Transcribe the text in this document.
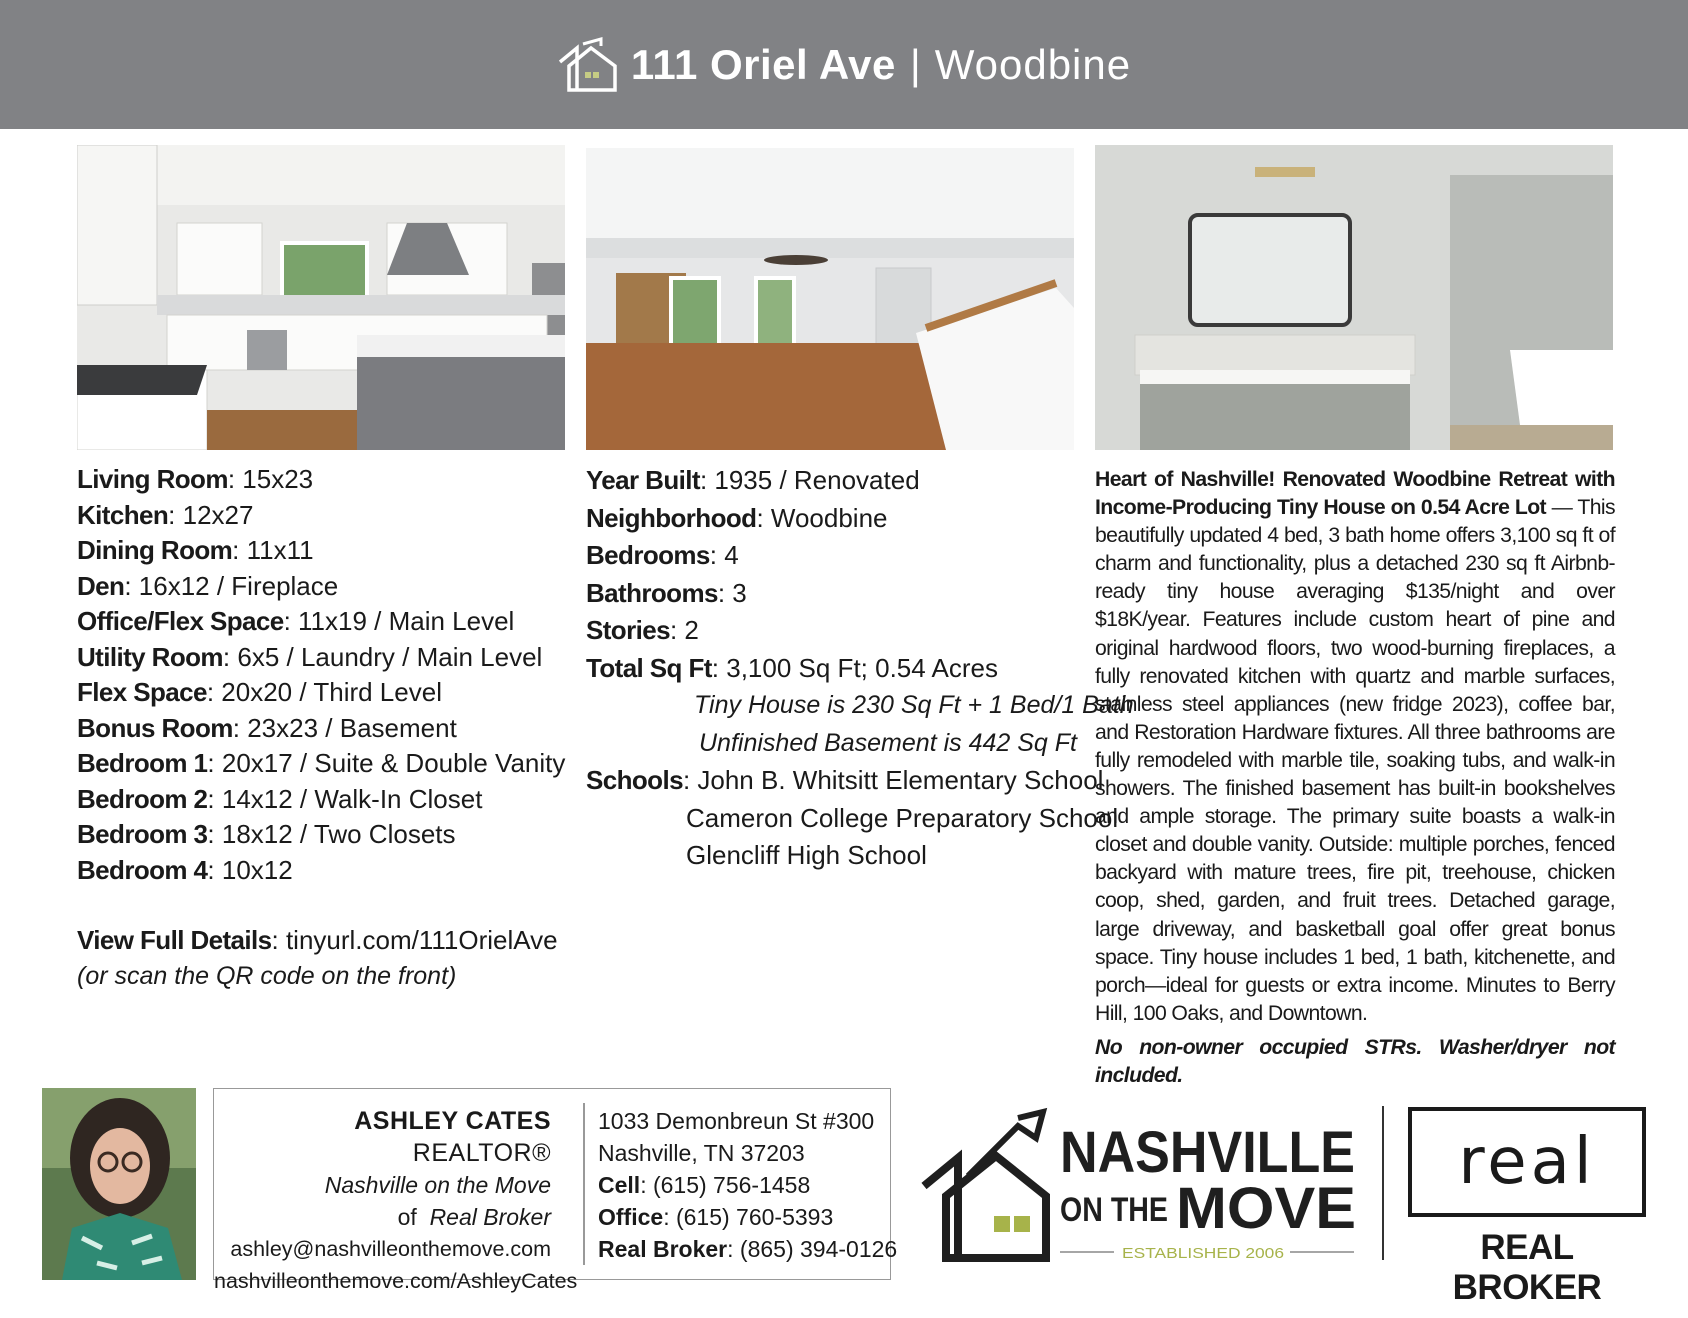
111 Oriel Ave | Woodbine
Living Room: 15x23
Kitchen: 12x27
Dining Room: 11x11
Den: 16x12 / Fireplace
Office/Flex Space: 11x19 / Main Level
Utility Room: 6x5 / Laundry / Main Level
Flex Space: 20x20 / Third Level
Bonus Room: 23x23 / Basement
Bedroom 1: 20x17 / Suite & Double Vanity
Bedroom 2: 14x12 / Walk-In Closet
Bedroom 3: 18x12 / Two Closets
Bedroom 4: 10x12
View Full Details: tinyurl.com/111OrielAve
(or scan the QR code on the front)
Year Built: 1935 / Renovated
Neighborhood: Woodbine
Bedrooms: 4
Bathrooms: 3
Stories: 2
Total Sq Ft: 3,100 Sq Ft; 0.54 Acres
Tiny House is 230 Sq Ft + 1 Bed/1 Bath
Unfinished Basement is 442 Sq Ft
Schools: John B. Whitsitt Elementary School
Cameron College Preparatory School
Glencliff High School
Heart of Nashville! Renovated Woodbine Retreat with Income-Producing Tiny House on 0.54 Acre Lot — This beautifully updated 4 bed, 3 bath home offers 3,100 sq ft of charm and functionality, plus a detached 230 sq ft Airbnb-ready tiny house averaging $135/night and over $18K/year. Features include custom heart of pine and original hardwood floors, two wood-burning fireplaces, a fully renovated kitchen with quartz and marble surfaces, stainless steel appliances (new fridge 2023), coffee bar, and Restoration Hardware fixtures. All three bathrooms are fully remodeled with marble tile, soaking tubs, and walk-in showers. The finished basement has built-in bookshelves and ample storage. The primary suite boasts a walk-in closet and double vanity. Outside: multiple porches, fenced backyard with mature trees, fire pit, treehouse, chicken coop, shed, garden, and fruit trees. Detached garage, large driveway, and basketball goal offer great bonus space. Tiny house includes 1 bed, 1 bath, kitchenette, and porch—ideal for guests or extra income. Minutes to Berry Hill, 100 Oaks, and Downtown.
No non-owner occupied STRs. Washer/dryer not included.
ASHLEY CATES REALTOR®
Nashville on the Move
of Real Broker
ashley@nashvilleonthemove.com
nashvilleonthemove.com/AshleyCates
1033 Demonbreun St #300
Nashville, TN 37203
Cell: (615) 756-1458
Office: (615) 760-5393
Real Broker: (865) 394-0126
NASHVILLE
ON THE MOVE
ESTABLISHED 2006
real
REAL BROKER
